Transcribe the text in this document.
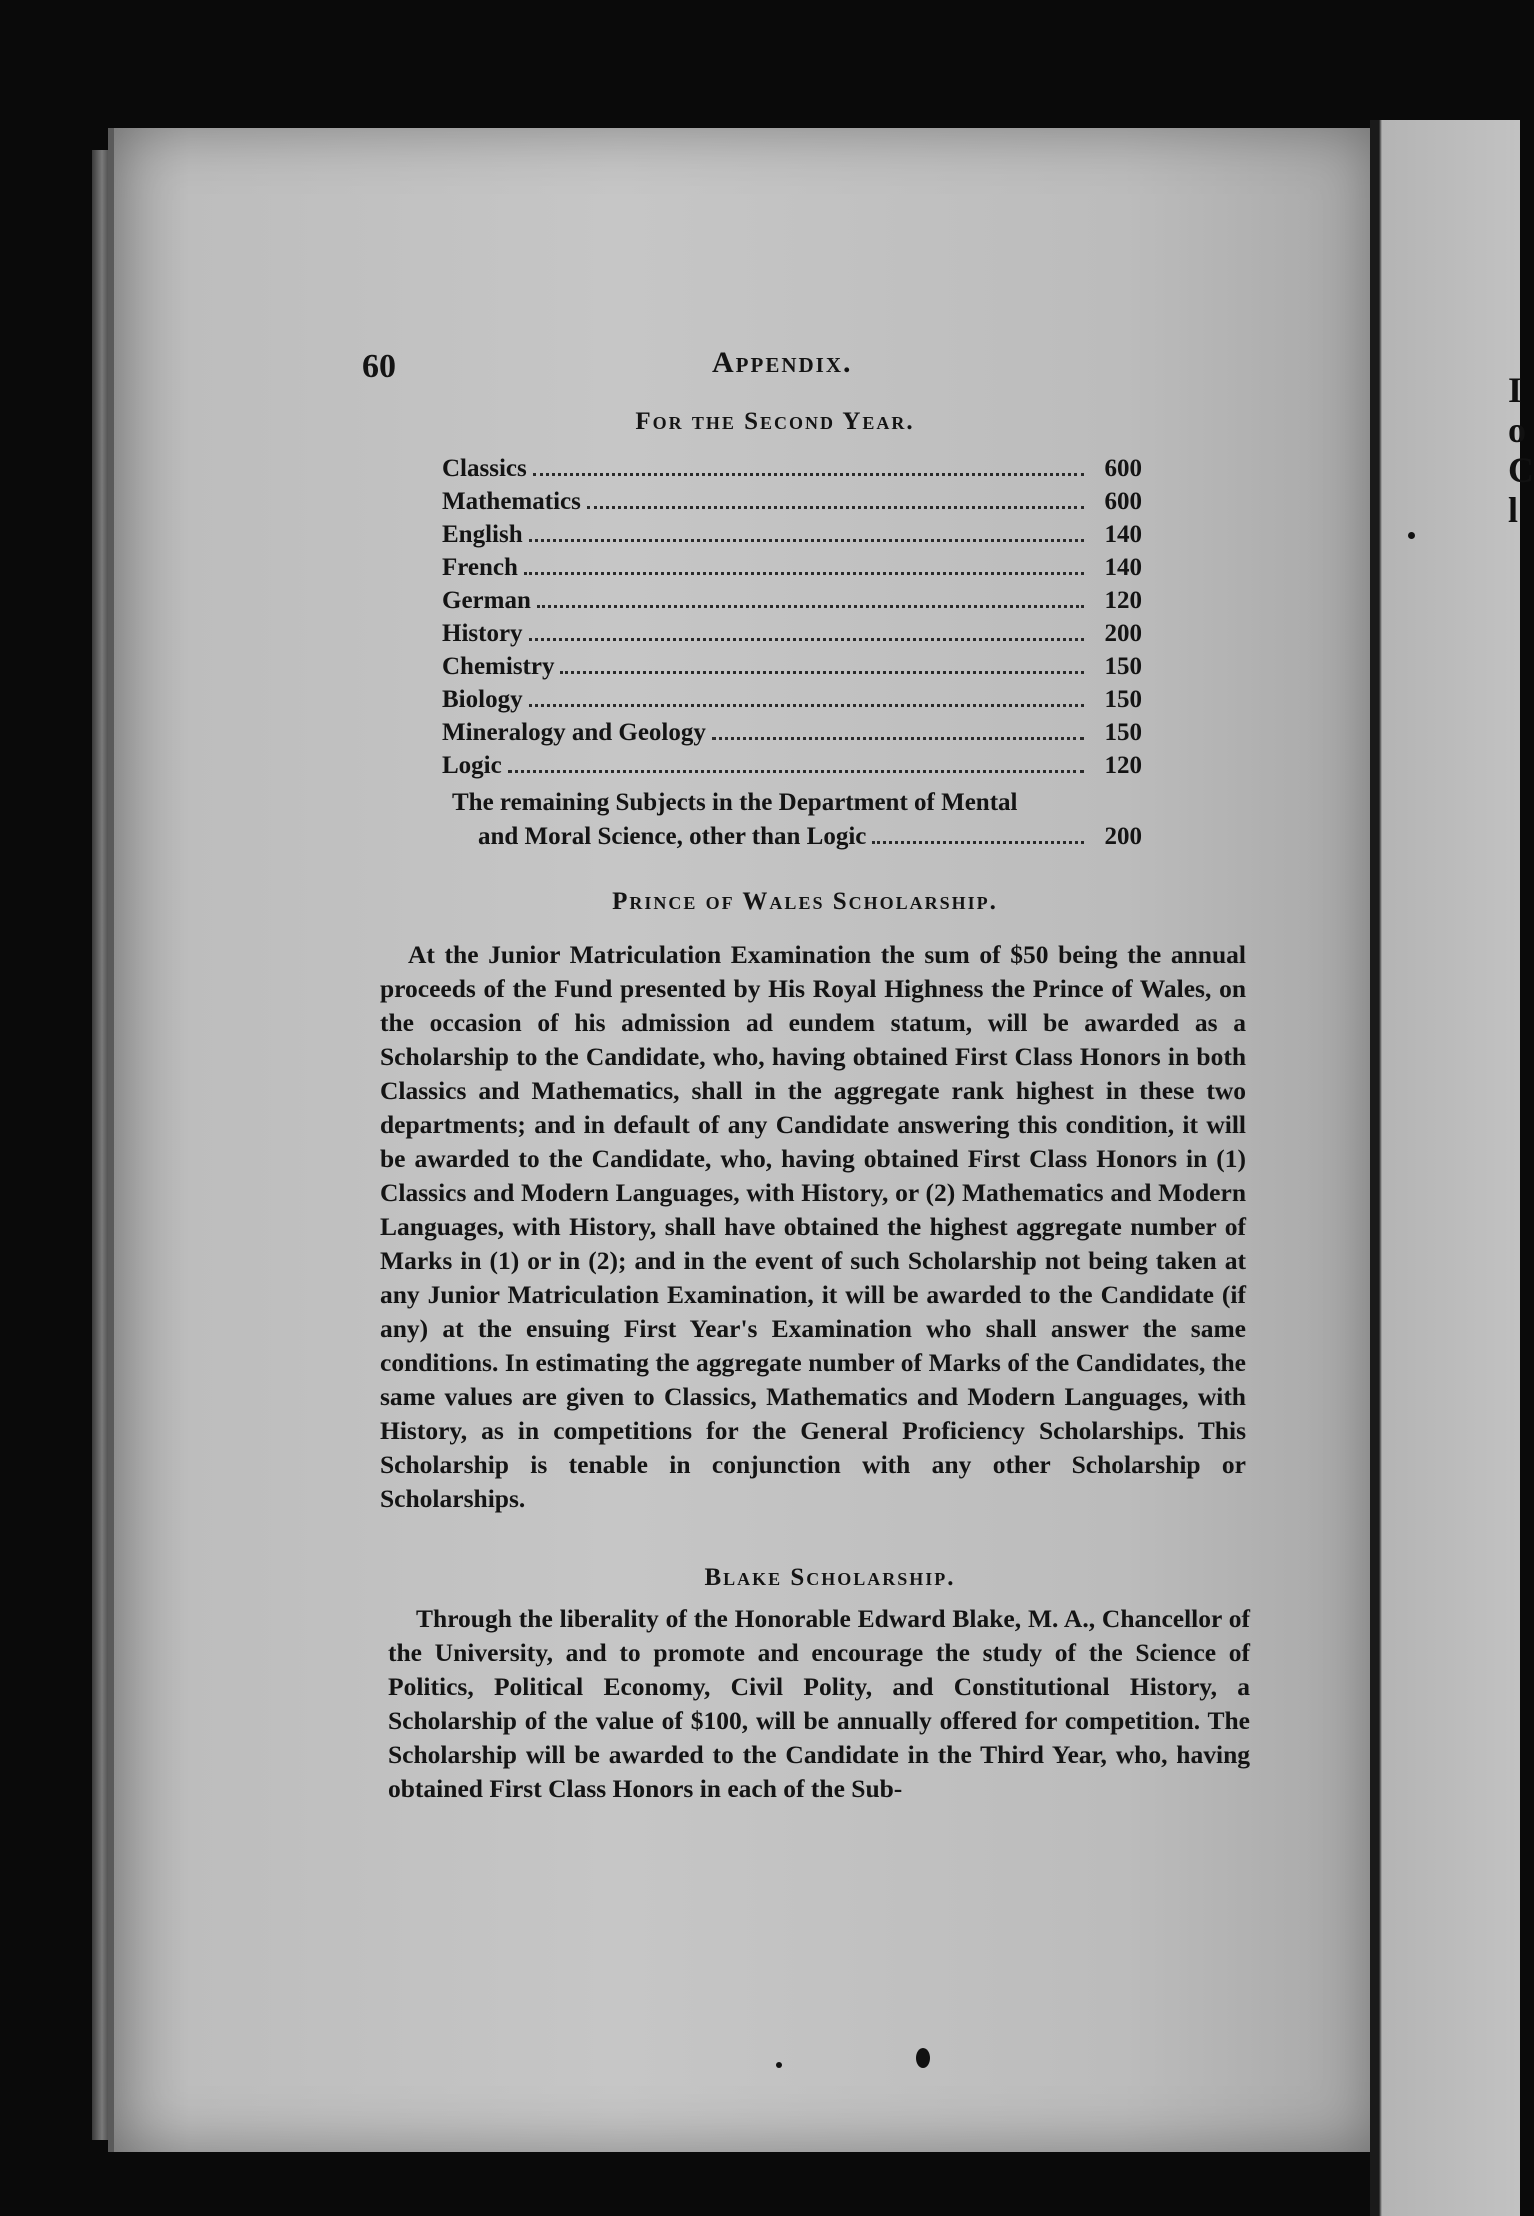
I
o
C
l
60	Appendix.
For the Second Year.
Classics	600
Mathematics	600
English	140
French	140
German	120
History	200
Chemistry	150
Biology	150
Mineralogy and Geology	150
Logic	120
The remaining Subjects in the Department of Mental
and Moral Science, other than Logic	200
Prince of Wales Scholarship.

At the Junior Matriculation Examination the sum of $50 being the annual proceeds of the Fund presented by His Royal Highness the Prince of Wales, on the occasion of his admission ad eundem statum, will be awarded as a Scholarship to the Candidate, who, having obtained First Class Honors in both Classics and Mathematics, shall in the aggregate rank highest in these two departments; and in default of any Candidate answering this condition, it will be awarded to the Candidate, who, having obtained First Class Honors in (1) Classics and Modern Languages, with History, or (2) Mathematics and Modern Languages, with History, shall have obtained the highest aggregate number of Marks in (1) or in (2); and in the event of such Scholarship not being taken at any Junior Matriculation Examination, it will be awarded to the Candidate (if any) at the ensuing First Year's Examination who shall answer the same conditions. In estimating the aggregate number of Marks of the Candidates, the same values are given to Classics, Mathematics and Modern Languages, with History, as in competitions for the General Proficiency Scholarships. This Scholarship is tenable in conjunction with any other Scholarship or Scholarships.

Blake Scholarship.

Through the liberality of the Honorable Edward Blake, M. A., Chancellor of the University, and to promote and encourage the study of the Science of Politics, Political Economy, Civil Polity, and Constitutional History, a Scholarship of the value of $100, will be annually offered for competition. The Scholarship will be awarded to the Candidate in the Third Year, who, having obtained First Class Honors in each of the Sub-
